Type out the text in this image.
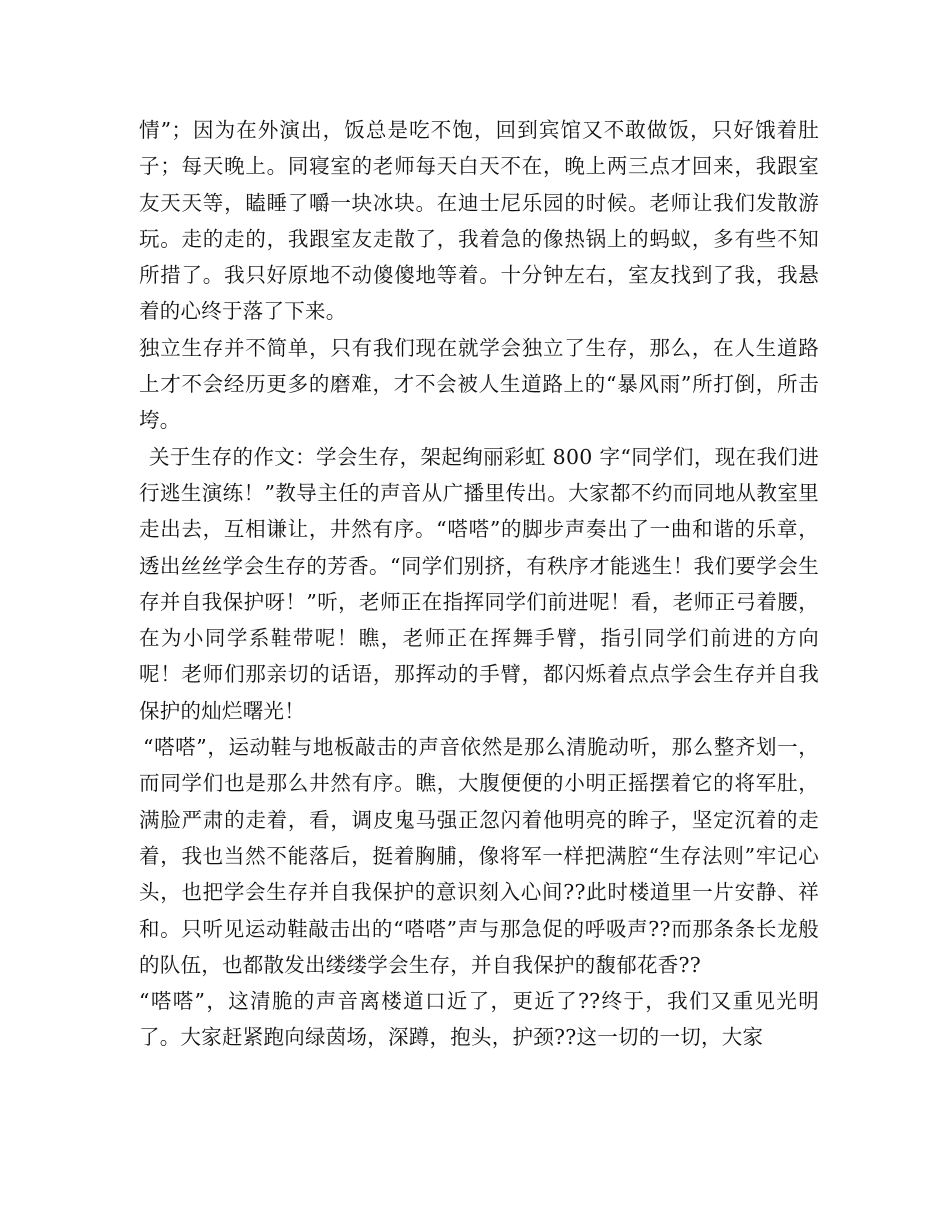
情”；因为在外演出，饭总是吃不饱，回到宾馆又不敢做饭，只好饿着肚子；每天晚上。同寝室的老师每天白天不在，晚上两三点才回来，我跟室友天天等，瞌睡了嚼一块冰块。在迪士尼乐园的时候。老师让我们发散游玩。走的走的，我跟室友走散了，我着急的像热锅上的蚂蚁，多有些不知所措了。我只好原地不动傻傻地等着。十分钟左右，室友找到了我，我悬着的心终于落了下来。

独立生存并不简单，只有我们现在就学会独立了生存，那么，在人生道路上才不会经历更多的磨难，才不会被人生道路上的“暴风雨”所打倒，所击垮。

关于生存的作文：学会生存，架起绚丽彩虹 800 字“同学们，现在我们进行逃生演练！”教导主任的声音从广播里传出。大家都不约而同地从教室里走出去，互相谦让，井然有序。“嗒嗒”的脚步声奏出了一曲和谐的乐章，透出丝丝学会生存的芳香。“同学们别挤，有秩序才能逃生！我们要学会生存并自我保护呀！”听，老师正在指挥同学们前进呢！看，老师正弓着腰，在为小同学系鞋带呢！瞧，老师正在挥舞手臂，指引同学们前进的方向呢！老师们那亲切的话语，那挥动的手臂，都闪烁着点点学会生存并自我保护的灿烂曙光！

“嗒嗒”，运动鞋与地板敲击的声音依然是那么清脆动听，那么整齐划一，而同学们也是那么井然有序。瞧，大腹便便的小明正摇摆着它的将军肚，满脸严肃的走着，看，调皮鬼马强正忽闪着他明亮的眸子，坚定沉着的走着，我也当然不能落后，挺着胸脯，像将军一样把满腔“生存法则”牢记心头，也把学会生存并自我保护的意识刻入心间??此时楼道里一片安静、祥和。只听见运动鞋敲击出的“嗒嗒”声与那急促的呼吸声??而那条条长龙般的队伍，也都散发出缕缕学会生存，并自我保护的馥郁花香??

“嗒嗒”，这清脆的声音离楼道口近了，更近了??终于，我们又重见光明了。大家赶紧跑向绿茵场，深蹲，抱头，护颈??这一切的一切，大家
